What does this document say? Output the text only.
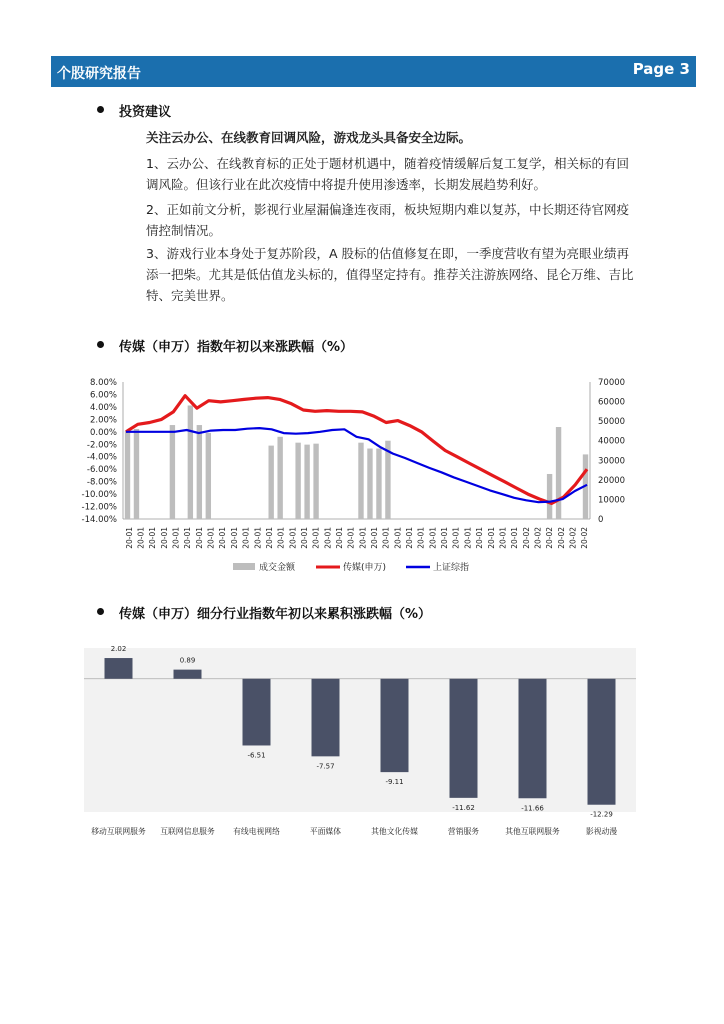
个股研究报告	Page 3
投资建议
关注云办公、在线教育回调风险，游戏龙头具备安全边际。
1、云办公、在线教育标的正处于题材机遇中，随着疫情缓解后复工复学，相关标的有回调风险。但该行业在此次疫情中将提升使用渗透率，长期发展趋势利好。
2、正如前文分析，影视行业屋漏偏逢连夜雨，板块短期内难以复苏，中长期还待官网疫情控制情况。
3、游戏行业本身处于复苏阶段，A 股标的估值修复在即，一季度营收有望为亮眼业绩再添一把柴。尤其是低估值龙头标的，值得坚定持有。推荐关注游族网络、昆仑万维、吉比特、完美世界。
传媒（申万）指数年初以来涨跌幅（%）
8.00%
6.00%
4.00%
2.00%
0.00%
-2.00%
-4.00%
-6.00%
-8.00%
-10.00%
-12.00%
-14.00%
70000
60000
50000
40000
30000
20000
10000
0
20-01 20-01 20-01 20-01 20-01 20-01 20-01 20-01 20-01 20-01 20-01 20-01 20-01 20-01 20-01 20-01 20-01 20-01 20-01 20-01 20-01 20-01 20-01 20-01 20-01 20-01 20-01 20-01 20-01 20-01 20-01 20-01 20-01 20-01 20-02 20-02 20-02 20-02 20-02 20-02
成交金额	传媒(申万)	上证综指
传媒（申万）细分行业指数年初以来累积涨跌幅（%）
2.02
移动互联网服务
0.89
互联网信息服务
-6.51
有线电视网络
-7.57
平面媒体
-9.11
其他文化传媒
-11.62
营销服务
-11.66
其他互联网服务
-12.29
影视动漫
